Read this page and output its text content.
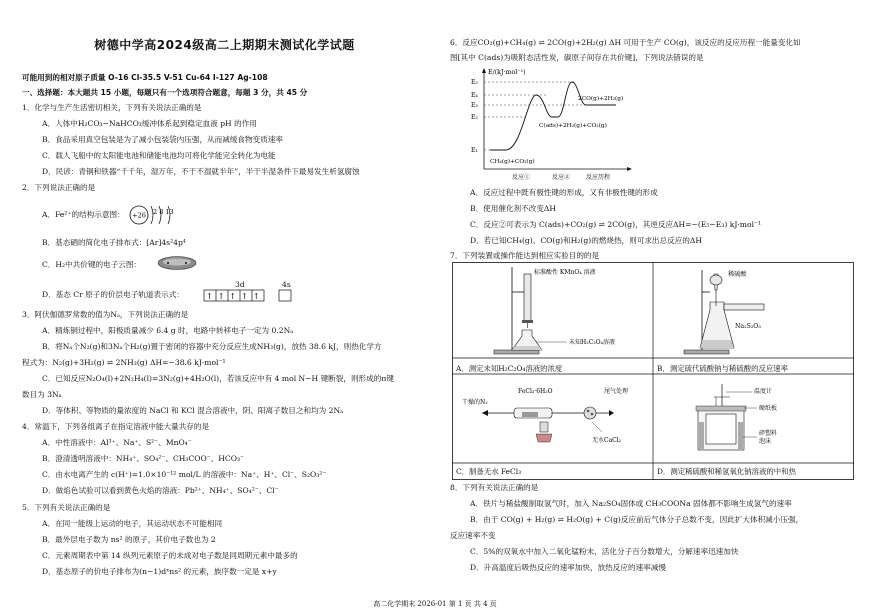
树德中学高2024级高二上期期末测试化学试题
可能用到的相对原子质量 O-16 Cl-35.5 V-51 Cu-64 I-127 Ag-108
一、选择题：本大题共 15 小题，每题只有一个选项符合题意，每题 3 分，共 45 分
1．化学与生产生活密切相关，下列有关说法正确的是
A．人体中H₂CO₃−NaHCO₃缓冲体系起到稳定血液 pH 的作用
B．食品采用真空包装是为了减小包装袋内压强，从而减缓食物变质速率
C．载人飞船中的太阳能电池和储能电池均可将化学能完全转化为电能
D．民谚：青铜和铁器“千千年，湿万年，不干不湿就半年”，半干半湿条件下最易发生析氢腐蚀
2．下列说法正确的是
A．Fe²⁺的结构示意图： +26 2 8 13
B．基态硒的简化电子排布式：[Ar]4s²4p⁴
C．H₂中共价键的电子云图：
D．基态 Cr 原子的价层电子轨道表示式：
3d	4s
↑↑↑↑↑
3．阿伏伽德罗常数的值为Nₐ，下列说法正确的是
A．精炼铜过程中，阳极质量减少 6.4 g 时，电路中转移电子一定为 0.2Nₐ
B．将Nₐ个N₂(g)和3Nₐ个H₂(g)置于密闭的容器中充分反应生成NH₃(g)，放热 38.6 kJ，则热化学方
程式为：N₂(g)+3H₂(g) ⇌ 2NH₃(g) ΔH=−38.6 kJ·mol⁻¹
C．已知反应N₂O₄(l)+2N₂H₄(l)=3N₂(g)+4H₂O(l)，若该反应中有 4 mol N−H 键断裂，则形成的π键
数目为 3Nₐ
D．等体积、等物质的量浓度的 NaCl 和 KCl 混合溶液中，阴、阳离子数目之和均为 2Nₐ
4．常温下，下列各组离子在指定溶液中能大量共存的是
A．中性溶液中：Al³⁺、Na⁺、S²⁻、MnO₄⁻
B．澄清透明溶液中：NH₄⁺、SO₄²⁻、CH₃COO⁻、HCO₃⁻
C．由水电离产生的 c(H⁺)=1.0×10⁻¹² mol/L 的溶液中：Na⁺、H⁺、Cl⁻、S₂O₃²⁻
D．做焰色试验可以看到黄色火焰的溶液：Pb²⁺、NH₄⁺、SO₄²⁻、Cl⁻
5．下列有关说法正确的是
A．在同一能级上运动的电子，其运动状态不可能相同
B．最外层电子数为 ns² 的原子，其价电子数也为 2
C．元素周期表中第 14 纵列元素原子的未成对电子数是同周期元素中最多的
D．基态原子的价电子排布为(n−1)dˣns² 的元素，族序数一定是 x+y
6．反应CO₂(g)+CH₄(g) ⇌ 2CO(g)+2H₂(g) ΔH 可用于生产 CO(g)，该反应的反应历程一能量变化如
图[其中 C(ads)为吸附态活性炭，碳原子间存在共价键]，下列说法错误的是
E/(kJ·mol⁻¹)
E₅
E₄
E₃
E₂
E₁
CH₄(g)+CO₂(g)
C(ads)+2H₂(g)+CO₂(g)
2CO(g)+2H₂(g)
反应①	反应②	反应历程
A．反应过程中既有极性键的形成，又有非极性键的形成
B．使用催化剂不改变ΔH
C．反应②可表示为 C(ads)+CO₂(g) ⇌ 2CO(g)，其逆反应ΔH=−(E₅−E₃) kJ·mol⁻¹
D．若已知CH₄(g)、CO(g)和H₂(g)的燃烧热，则可求出总反应的ΔH
7．下列装置或操作能达到相应实验目的的是
标准酸性 KMnO₄ 溶液
未知H₂C₂O₄溶液
稀硫酸
Na₂S₂O₃
干燥的N₂
FeCl₃·6H₂O	尾气处理
无水CaCl₂
温度计
硬纸板
碎塑料
泡沫
A．测定未知H₂C₂O₄溶液的浓度	B．测定硫代硫酸钠与稀硫酸的反应速率
C．制备无水 FeCl₃	D．测定稀硫酸和稀氢氧化钠溶液的中和热
8．下列有关说法正确的是
A．铁片与稀盐酸制取氢气时，加入 Na₂SO₄固体或 CH₃COONa 固体都不影响生成氢气的速率
B．由于 CO(g) + H₂(g) ⇌ H₂O(g) + C(g)反应前后气体分子总数不变，因此扩大体积减小压强，
反应速率不变
C．5%的双氧水中加入二氧化锰粉末，活化分子百分数增大，分解速率迅速加快
D．升高温度后吸热反应的速率加快，放热反应的速率减慢
高二化学期末 2026-01 第 1 页 共 4 页
